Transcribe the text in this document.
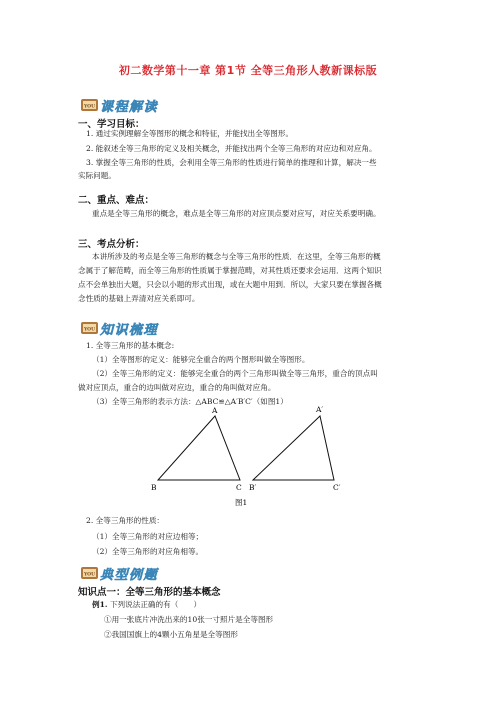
初二数学第十一章 第1节 全等三角形人教新课标版
YOU 课程解读
一、学习目标：
1. 通过实例理解全等图形的概念和特征，并能找出全等图形。
2. 能叙述全等三角形的定义及相关概念，并能找出两个全等三角形的对应边和对应角。
3. 掌握全等三角形的性质，会利用全等三角形的性质进行简单的推理和计算，解决一些
实际问题。
二、重点、难点：
重点是全等三角形的概念，难点是全等三角形的对应顶点要对应写，对应关系要明确。
三、考点分析：
本讲所涉及的考点是全等三角形的概念与全等三角形的性质．在这里，全等三角形的概
念属于了解范畴，而全等三角形的性质属于掌握范畴，对其性质还要求会运用．这两个知识
点不会单独出大题，只会以小题的形式出现，或在大题中用到．所以，大家只要在掌握各概
念性质的基础上弄清对应关系即可。
YOU 知识梳理
1. 全等三角形的基本概念:
（1）全等图形的定义：能够完全重合的两个图形叫做全等图形。
（2）全等三角形的定义：能够完全重合的两个三角形叫做全等三角形，重合的顶点叫
做对应顶点，重合的边叫做对应边，重合的角叫做对应角。
（3）全等三角形的表示方法：△ABC≌△A′B′C′（如图1）
A
B	C
A′
B′	C′
图1
2. 全等三角形的性质：
（1）全等三角形的对应边相等；
（2）全等三角形的对应角相等。
YOU 典型例题
知识点一：全等三角形的基本概念
例1. 下列说法正确的有（　　）
①用一张底片冲洗出来的10张一寸照片是全等图形
②我国国旗上的4颗小五角星是全等图形
